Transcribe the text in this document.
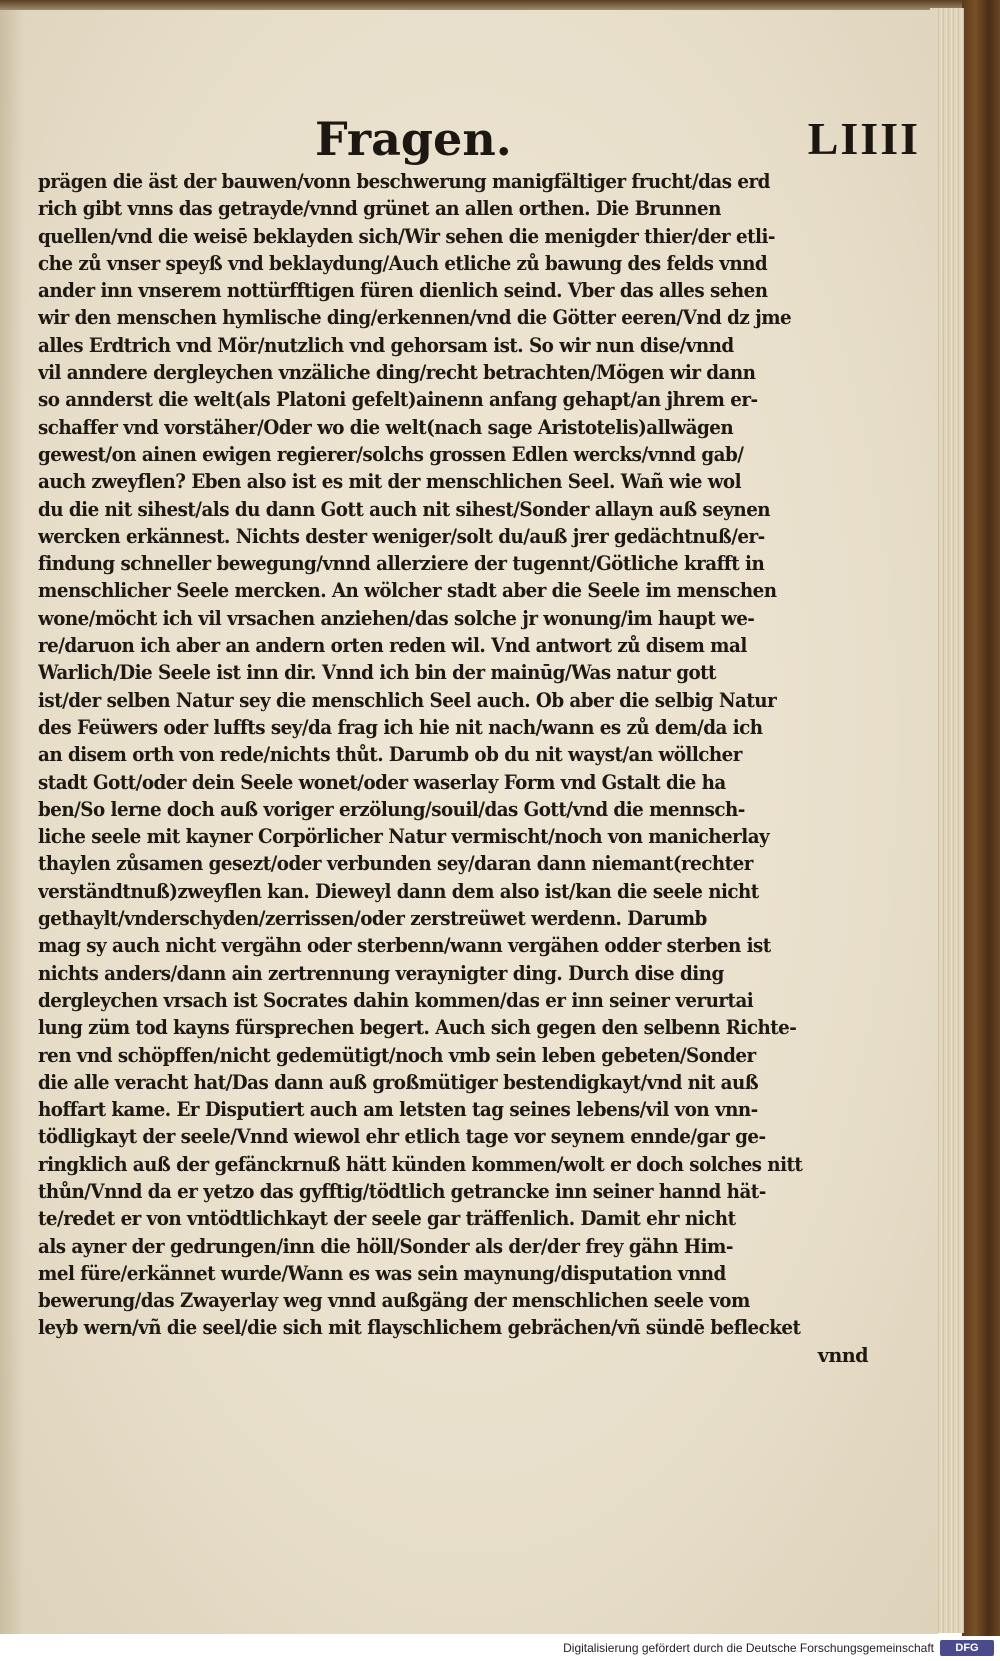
Fragen.	LIIII
prägen die äst der bauwen/vonn beschwerung manigfältiger frucht/das erd
rich gibt vnns das getrayde/vnnd grünet an allen orthen. Die Brunnen
quellen/vnd die weisē beklayden sich/Wir sehen die menigder thier/der etli-
che zů vnser speyß vnd beklaydung/Auch etliche zů bawung des felds vnnd
ander inn vnserem nottürfftigen füren dienlich seind. Vber das alles sehen
wir den menschen hymlische ding/erkennen/vnd die Götter eeren/Vnd dz jme
alles Erdtrich vnd Mör/nutzlich vnd gehorsam ist. So wir nun dise/vnnd
vil anndere dergleychen vnzäliche ding/recht betrachten/Mögen wir dann
so annderst die welt(als Platoni gefelt)ainenn anfang gehapt/an jhrem er-
schaffer vnd vorstäher/Oder wo die welt(nach sage Aristotelis)allwägen
gewest/on ainen ewigen regierer/solchs grossen Edlen wercks/vnnd gab/
auch zweyflen? Eben also ist es mit der menschlichen Seel. Wañ wie wol
du die nit sihest/als du dann Gott auch nit sihest/Sonder allayn auß seynen
wercken erkännest. Nichts dester weniger/solt du/auß jrer gedächtnuß/er-
findung schneller bewegung/vnnd allerziere der tugennt/Götliche krafft in
menschlicher Seele mercken. An wölcher stadt aber die Seele im menschen
wone/möcht ich vil vrsachen anziehen/das solche jr wonung/im haupt we-
re/daruon ich aber an andern orten reden wil. Vnd antwort zů disem mal
Warlich/Die Seele ist inn dir. Vnnd ich bin der mainūg/Was natur gott
ist/der selben Natur sey die menschlich Seel auch. Ob aber die selbig Natur
des Feüwers oder luffts sey/da frag ich hie nit nach/wann es zů dem/da ich
an disem orth von rede/nichts thůt. Darumb ob du nit wayst/an wöllcher
stadt Gott/oder dein Seele wonet/oder waserlay Form vnd Gstalt die ha
ben/So lerne doch auß voriger erzölung/souil/das Gott/vnd die mennsch-
liche seele mit kayner Corpörlicher Natur vermischt/noch von manicherlay
thaylen zůsamen gesezt/oder verbunden sey/daran dann niemant(rechter
verständtnuß)zweyflen kan. Dieweyl dann dem also ist/kan die seele nicht
gethaylt/vnderschyden/zerrissen/oder zerstreüwet werdenn. Darumb
mag sy auch nicht vergähn oder sterbenn/wann vergähen odder sterben ist
nichts anders/dann ain zertrennung veraynigter ding. Durch dise ding
dergleychen vrsach ist Socrates dahin kommen/das er inn seiner verurtai
lung züm tod kayns fürsprechen begert. Auch sich gegen den selbenn Richte-
ren vnd schöpffen/nicht gedemütigt/noch vmb sein leben gebeten/Sonder
die alle veracht hat/Das dann auß großmütiger bestendigkayt/vnd nit auß
hoffart kame. Er Disputiert auch am letsten tag seines lebens/vil von vnn-
tödligkayt der seele/Vnnd wiewol ehr etlich tage vor seynem ennde/gar ge-
ringklich auß der gefänckrnuß hätt künden kommen/wolt er doch solches nitt
thůn/Vnnd da er yetzo das gyfftig/tödtlich getrancke inn seiner hannd hät-
te/redet er von vntödtlichkayt der seele gar träffenlich. Damit ehr nicht
als ayner der gedrungen/inn die höll/Sonder als der/der frey gähn Him-
mel füre/erkännet wurde/Wann es was sein maynung/disputation vnnd
bewerung/das Zwayerlay weg vnnd außgäng der menschlichen seele vom
leyb wern/vñ die seel/die sich mit flayschlichem gebrächen/vñ sündē beflecket
vnnd
Digitalisierung gefördert durch die Deutsche Forschungsgemeinschaft	DFG
